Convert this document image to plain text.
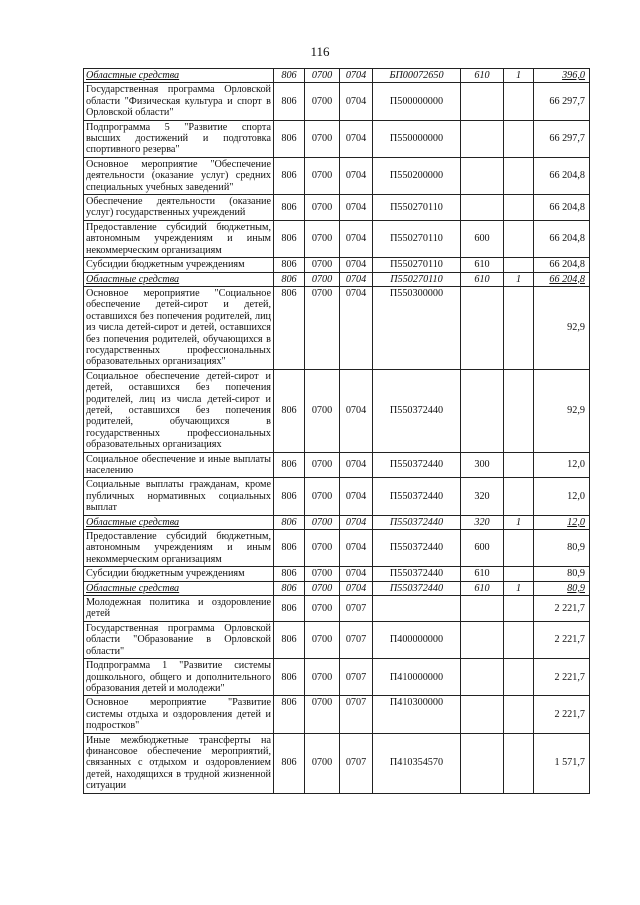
116
Областные средства	806	0700	0704	БП00072650	610	1	396,0
Государственная программа Орловской области "Физическая культура и спорт в Орловской области"	806	0700	0704	П500000000			66 297,7
Подпрограмма 5 "Развитие спорта высших достижений и подготовка спортивного резерва"	806	0700	0704	П550000000			66 297,7
Основное мероприятие "Обеспечение деятельности (оказание услуг) средних специальных учебных заведений"	806	0700	0704	П550200000			66 204,8
Обеспечение деятельности (оказание услуг) государственных учреждений	806	0700	0704	П550270110			66 204,8
Предоставление субсидий бюджетным, автономным учреждениям и иным некоммерческим организациям	806	0700	0704	П550270110	600		66 204,8
Субсидии бюджетным учреждениям	806	0700	0704	П550270110	610		66 204,8
Областные средства	806	0700	0704	П550270110	610	1	66 204,8
Основное мероприятие "Социальное обеспечение детей-сирот и детей, оставшихся без попечения родителей, лиц из числа детей-сирот и детей, оставшихся без попечения родителей, обучающихся в государственных профессиональных образовательных организациях"	806	0700	0704	П550300000			92,9
Социальное обеспечение детей-сирот и детей, оставшихся без попечения родителей, лиц из числа детей-сирот и детей, оставшихся без попечения родителей, обучающихся в государственных профессиональных образовательных организациях	806	0700	0704	П550372440			92,9
Социальное обеспечение и иные выплаты населению	806	0700	0704	П550372440	300		12,0
Социальные выплаты гражданам, кроме публичных нормативных социальных выплат	806	0700	0704	П550372440	320		12,0
Областные средства	806	0700	0704	П550372440	320	1	12,0
Предоставление субсидий бюджетным, автономным учреждениям и иным некоммерческим организациям	806	0700	0704	П550372440	600		80,9
Субсидии бюджетным учреждениям	806	0700	0704	П550372440	610		80,9
Областные средства	806	0700	0704	П550372440	610	1	80,9
Молодежная политика и оздоровление детей	806	0700	0707				2 221,7
Государственная программа Орловской области "Образование в Орловской области"	806	0700	0707	П400000000			2 221,7
Подпрограмма 1 "Развитие системы дошкольного, общего и дополнительного образования детей и молодежи"	806	0700	0707	П410000000			2 221,7
Основное мероприятие "Развитие системы отдыха и оздоровления детей и подростков"	806	0700	0707	П410300000			2 221,7
Иные межбюджетные трансферты на финансовое обеспечение мероприятий, связанных с отдыхом и оздоровлением детей, находящихся в трудной жизненной ситуации	806	0700	0707	П410354570			1 571,7
